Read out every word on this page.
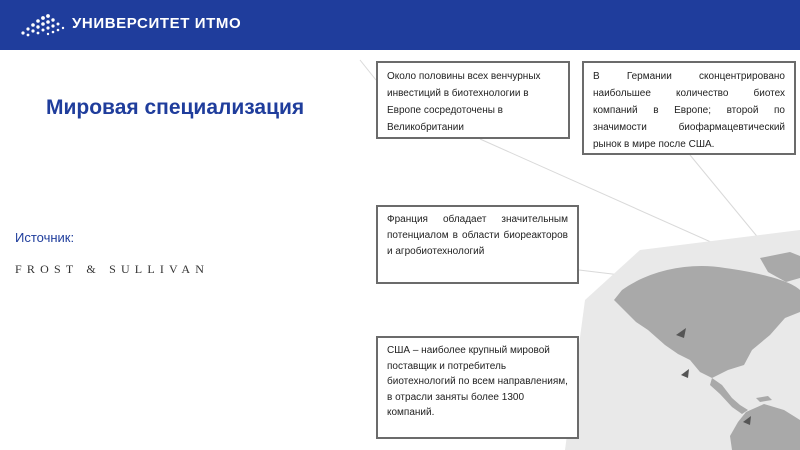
УНИВЕРСИТЕТ ИТМО
Мировая специализация
Источник:
FROST & SULLIVAN
Около половины всех венчурных инвестиций в биотехнологии в Европе сосредоточены в Великобритании
В Германии сконцентрировано наибольшее количество биотех компаний в Европе; второй по значимости биофармацевтический рынок в мире после США.
Франция обладает значительным потенциалом в области биореакторов и агробиотехнологий
США – наиболее крупный мировой поставщик и потребитель биотехнологий по всем направлениям, в отрасли заняты более 1300 компаний.
